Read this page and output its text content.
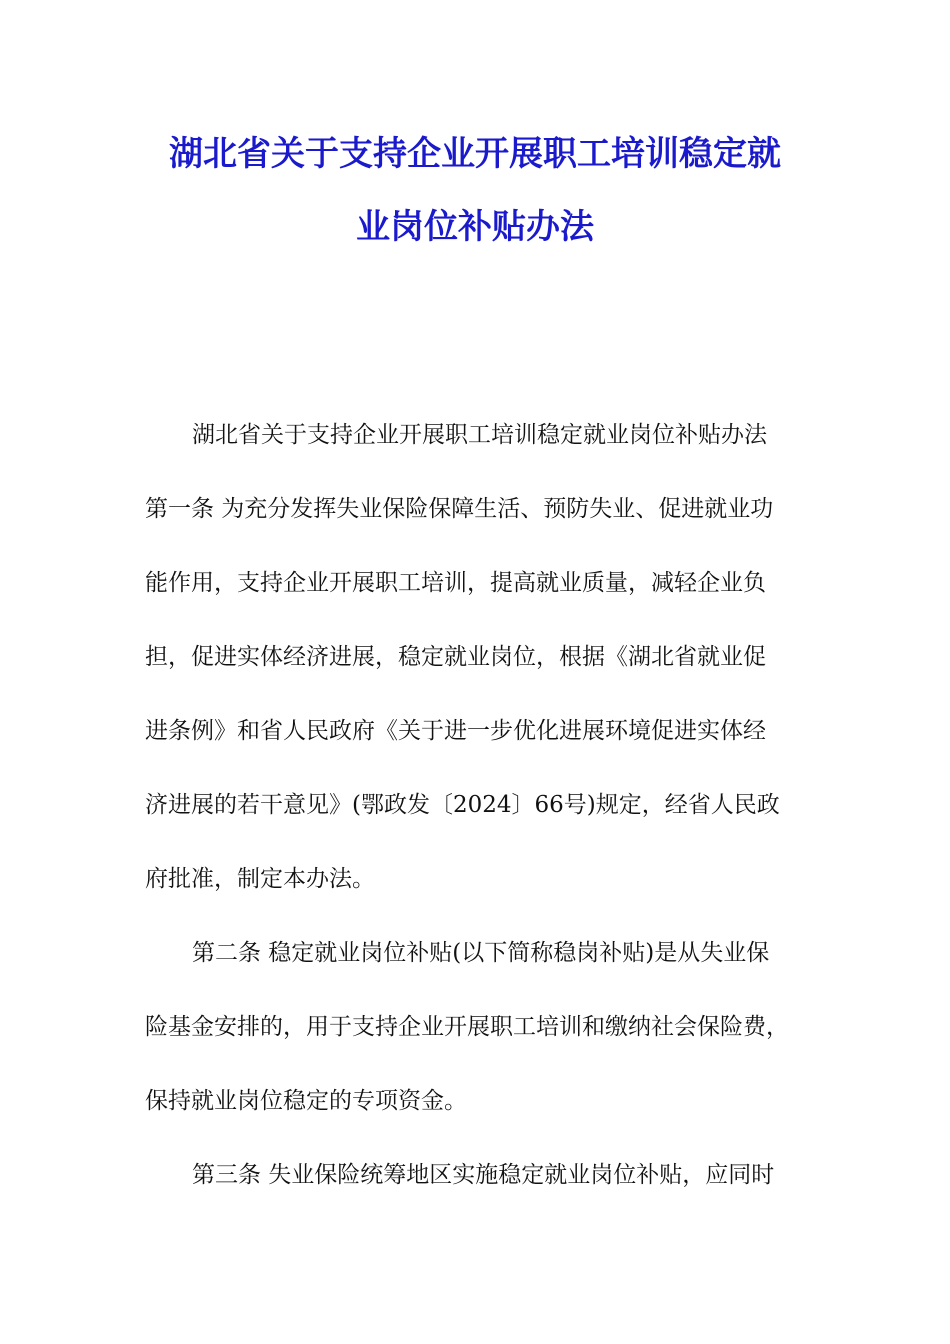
湖北省关于支持企业开展职工培训稳定就
业岗位补贴办法

湖北省关于支持企业开展职工培训稳定就业岗位补贴办法

第一条 为充分发挥失业保险保障生活、预防失业、促进就业功

能作用，支持企业开展职工培训，提高就业质量，减轻企业负

担，促进实体经济进展，稳定就业岗位，根据《湖北省就业促

进条例》和省人民政府《关于进一步优化进展环境促进实体经

济进展的若干意见》(鄂政发〔2024〕66号)规定，经省人民政

府批准，制定本办法。

第二条 稳定就业岗位补贴(以下简称稳岗补贴)是从失业保

险基金安排的，用于支持企业开展职工培训和缴纳社会保险费，

保持就业岗位稳定的专项资金。

第三条 失业保险统筹地区实施稳定就业岗位补贴，应同时
